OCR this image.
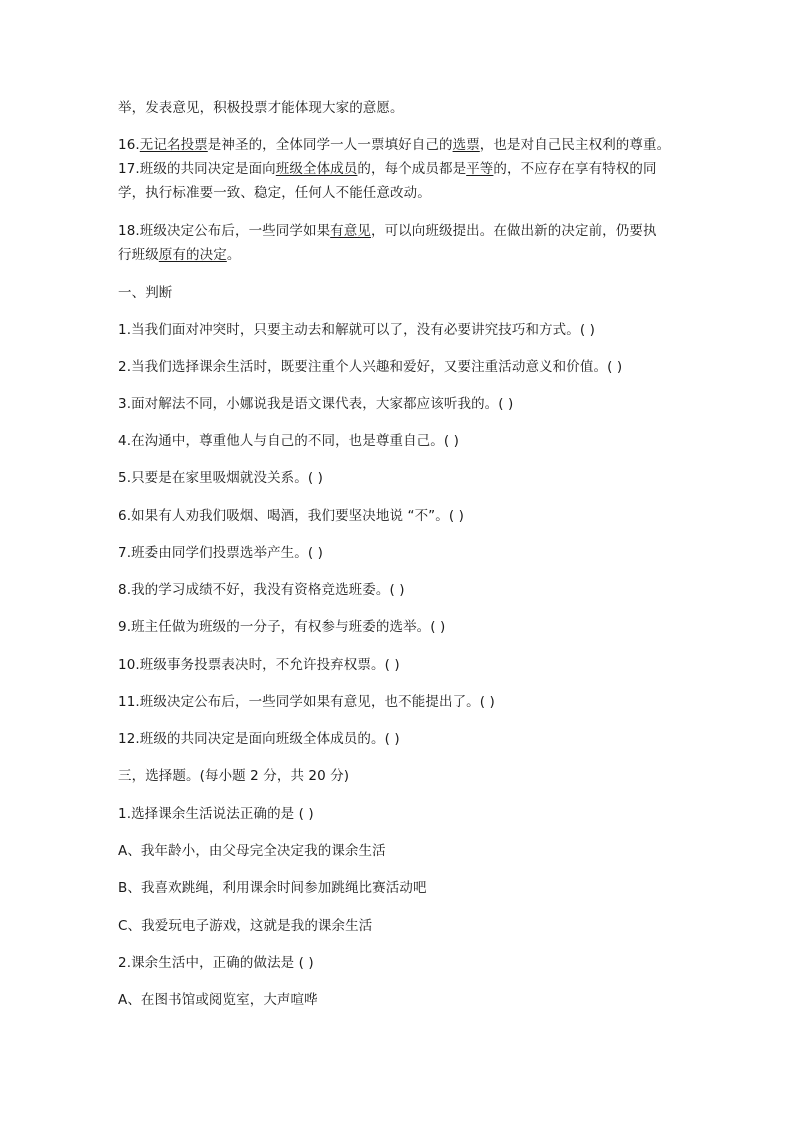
举，发表意见，积极投票才能体现大家的意愿。
16.无记名投票是神圣的，全体同学一人一票填好自己的选票，也是对自己民主权利的尊重。
17.班级的共同决定是面向班级全体成员的，每个成员都是平等的，不应存在享有特权的同
学，执行标准要一致、稳定，任何人不能任意改动。
18.班级决定公布后，一些同学如果有意见，可以向班级提出。在做出新的决定前，仍要执
行班级原有的决定。
一、判断
1.当我们面对冲突时，只要主动去和解就可以了，没有必要讲究技巧和方式。( )
2.当我们选择课余生活时，既要注重个人兴趣和爱好，又要注重活动意义和价值。( )
3.面对解法不同，小娜说我是语文课代表，大家都应该听我的。( )
4.在沟通中，尊重他人与自己的不同，也是尊重自己。( )
5.只要是在家里吸烟就没关系。( )
6.如果有人劝我们吸烟、喝酒，我们要坚决地说 “不”。( )
7.班委由同学们投票选举产生。( )
8.我的学习成绩不好，我没有资格竞选班委。( )
9.班主任做为班级的一分子，有权参与班委的选举。( )
10.班级事务投票表决时，不允许投弃权票。( )
11.班级决定公布后，一些同学如果有意见，也不能提出了。( )
12.班级的共同决定是面向班级全体成员的。( )
三，选择题。(每小题 2 分，共 20 分)
1.选择课余生活说法正确的是 ( )
A、我年龄小，由父母完全决定我的课余生活
B、我喜欢跳绳，利用课余时间参加跳绳比赛活动吧
C、我爱玩电子游戏，这就是我的课余生活
2.课余生活中，正确的做法是 ( )
A、在图书馆或阅览室，大声喧哗
